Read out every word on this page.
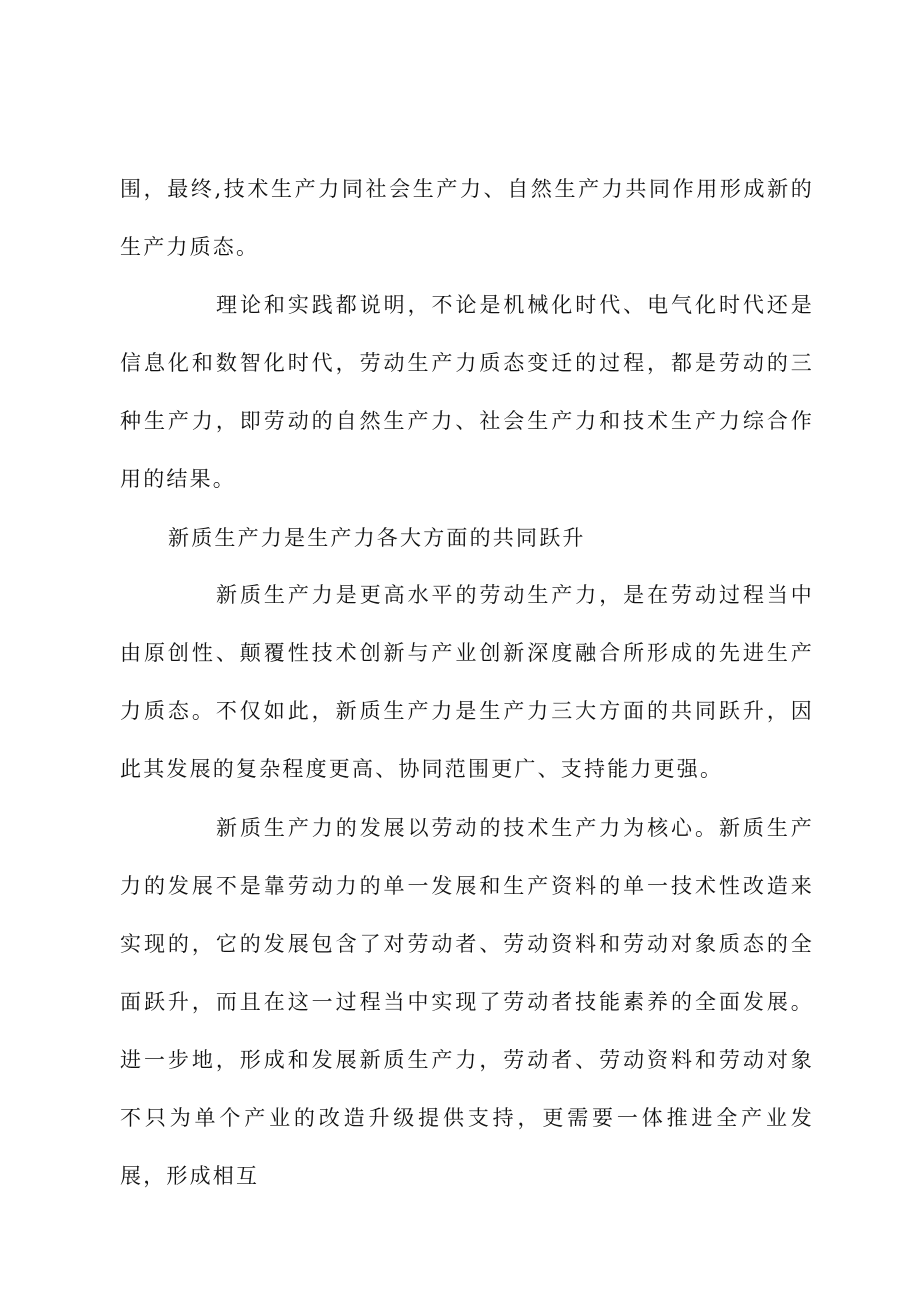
围，最终,技术生产力同社会生产力、自然生产力共同作用形成新的生产力质态。

理论和实践都说明，不论是机械化时代、电气化时代还是信息化和数智化时代，劳动生产力质态变迁的过程，都是劳动的三种生产力，即劳动的自然生产力、社会生产力和技术生产力综合作用的结果。

新质生产力是生产力各大方面的共同跃升

新质生产力是更高水平的劳动生产力，是在劳动过程当中由原创性、颠覆性技术创新与产业创新深度融合所形成的先进生产力质态。不仅如此，新质生产力是生产力三大方面的共同跃升，因此其发展的复杂程度更高、协同范围更广、支持能力更强。

新质生产力的发展以劳动的技术生产力为核心。新质生产力的发展不是靠劳动力的单一发展和生产资料的单一技术性改造来实现的，它的发展包含了对劳动者、劳动资料和劳动对象质态的全面跃升，而且在这一过程当中实现了劳动者技能素养的全面发展。进一步地，形成和发展新质生产力，劳动者、劳动资料和劳动对象不只为单个产业的改造升级提供支持，更需要一体推进全产业发展，形成相互
